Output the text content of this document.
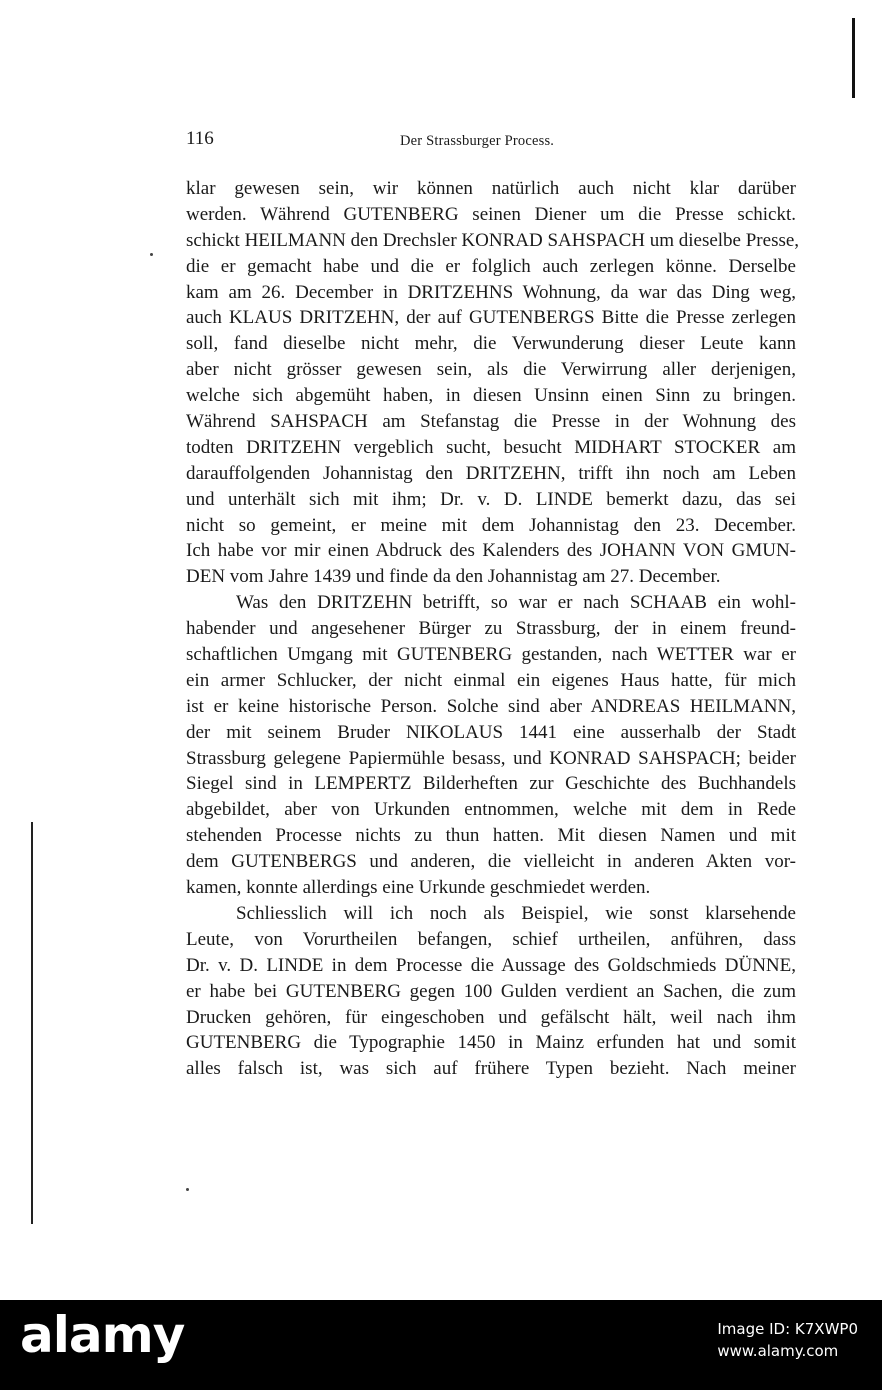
116	Der Strassburger Process.
klar gewesen sein, wir können natürlich auch nicht klar darüber
werden. Während GUTENBERG seinen Diener um die Presse schickt.
schickt HEILMANN den Drechsler KONRAD SAHSPACH um dieselbe Presse,
die er gemacht habe und die er folglich auch zerlegen könne. Derselbe
kam am 26. December in DRITZEHNS Wohnung, da war das Ding weg,
auch KLAUS DRITZEHN, der auf GUTENBERGS Bitte die Presse zerlegen
soll, fand dieselbe nicht mehr, die Verwunderung dieser Leute kann
aber nicht grösser gewesen sein, als die Verwirrung aller derjenigen,
welche sich abgemüht haben, in diesen Unsinn einen Sinn zu bringen.
Während SAHSPACH am Stefanstag die Presse in der Wohnung des
todten DRITZEHN vergeblich sucht, besucht MIDHART STOCKER am
darauffolgenden Johannistag den DRITZEHN, trifft ihn noch am Leben
und unterhält sich mit ihm; Dr. v. D. LINDE bemerkt dazu, das sei
nicht so gemeint, er meine mit dem Johannistag den 23. December.
Ich habe vor mir einen Abdruck des Kalenders des JOHANN VON GMUN-
DEN vom Jahre 1439 und finde da den Johannistag am 27. December.
Was den DRITZEHN betrifft, so war er nach SCHAAB ein wohl-
habender und angesehener Bürger zu Strassburg, der in einem freund-
schaftlichen Umgang mit GUTENBERG gestanden, nach WETTER war er
ein armer Schlucker, der nicht einmal ein eigenes Haus hatte, für mich
ist er keine historische Person. Solche sind aber ANDREAS HEILMANN,
der mit seinem Bruder NIKOLAUS 1441 eine ausserhalb der Stadt
Strassburg gelegene Papiermühle besass, und KONRAD SAHSPACH; beider
Siegel sind in LEMPERTZ Bilderheften zur Geschichte des Buchhandels
abgebildet, aber von Urkunden entnommen, welche mit dem in Rede
stehenden Processe nichts zu thun hatten. Mit diesen Namen und mit
dem GUTENBERGS und anderen, die vielleicht in anderen Akten vor-
kamen, konnte allerdings eine Urkunde geschmiedet werden.
Schliesslich will ich noch als Beispiel, wie sonst klarsehende
Leute, von Vorurtheilen befangen, schief urtheilen, anführen, dass
Dr. v. D. LINDE in dem Processe die Aussage des Goldschmieds DÜNNE,
er habe bei GUTENBERG gegen 100 Gulden verdient an Sachen, die zum
Drucken gehören, für eingeschoben und gefälscht hält, weil nach ihm
GUTENBERG die Typographie 1450 in Mainz erfunden hat und somit
alles falsch ist, was sich auf frühere Typen bezieht. Nach meiner
alamy	Image ID: K7XWP0
www.alamy.com
